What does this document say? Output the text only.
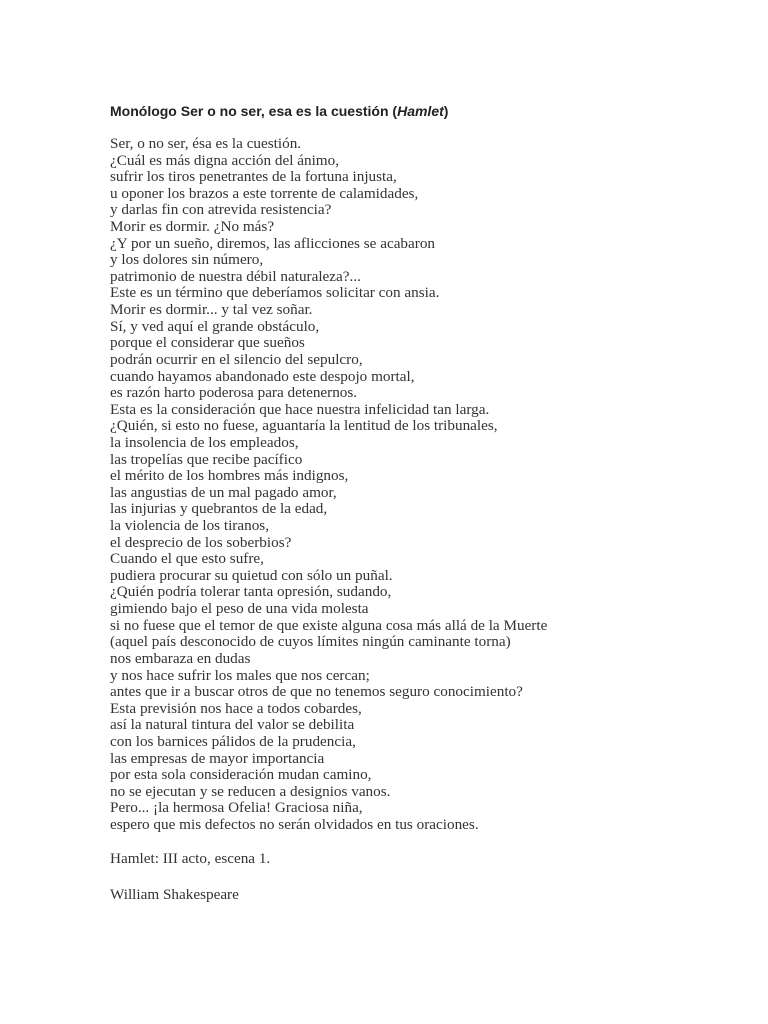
Monólogo Ser o no ser, esa es la cuestión (Hamlet)
Ser, o no ser, ésa es la cuestión.
¿Cuál es más digna acción del ánimo,
sufrir los tiros penetrantes de la fortuna injusta,
u oponer los brazos a este torrente de calamidades,
y darlas fin con atrevida resistencia?
Morir es dormir. ¿No más?
¿Y por un sueño, diremos, las aflicciones se acabaron
y los dolores sin número,
patrimonio de nuestra débil naturaleza?...
Este es un término que deberíamos solicitar con ansia.
Morir es dormir... y tal vez soñar.
Sí, y ved aquí el grande obstáculo,
porque el considerar que sueños
podrán ocurrir en el silencio del sepulcro,
cuando hayamos abandonado este despojo mortal,
es razón harto poderosa para detenernos.
Esta es la consideración que hace nuestra infelicidad tan larga.
¿Quién, si esto no fuese, aguantaría la lentitud de los tribunales,
la insolencia de los empleados,
las tropelías que recibe pacífico
el mérito de los hombres más indignos,
las angustias de un mal pagado amor,
las injurias y quebrantos de la edad,
la violencia de los tiranos,
el desprecio de los soberbios?
Cuando el que esto sufre,
pudiera procurar su quietud con sólo un puñal.
¿Quién podría tolerar tanta opresión, sudando,
gimiendo bajo el peso de una vida molesta
si no fuese que el temor de que existe alguna cosa más allá de la Muerte
(aquel país desconocido de cuyos límites ningún caminante torna)
nos embaraza en dudas
y nos hace sufrir los males que nos cercan;
antes que ir a buscar otros de que no tenemos seguro conocimiento?
Esta previsión nos hace a todos cobardes,
así la natural tintura del valor se debilita
con los barnices pálidos de la prudencia,
las empresas de mayor importancia
por esta sola consideración mudan camino,
no se ejecutan y se reducen a designios vanos.
Pero... ¡la hermosa Ofelia! Graciosa niña,
espero que mis defectos no serán olvidados en tus oraciones.
Hamlet: III acto, escena 1.
William Shakespeare
